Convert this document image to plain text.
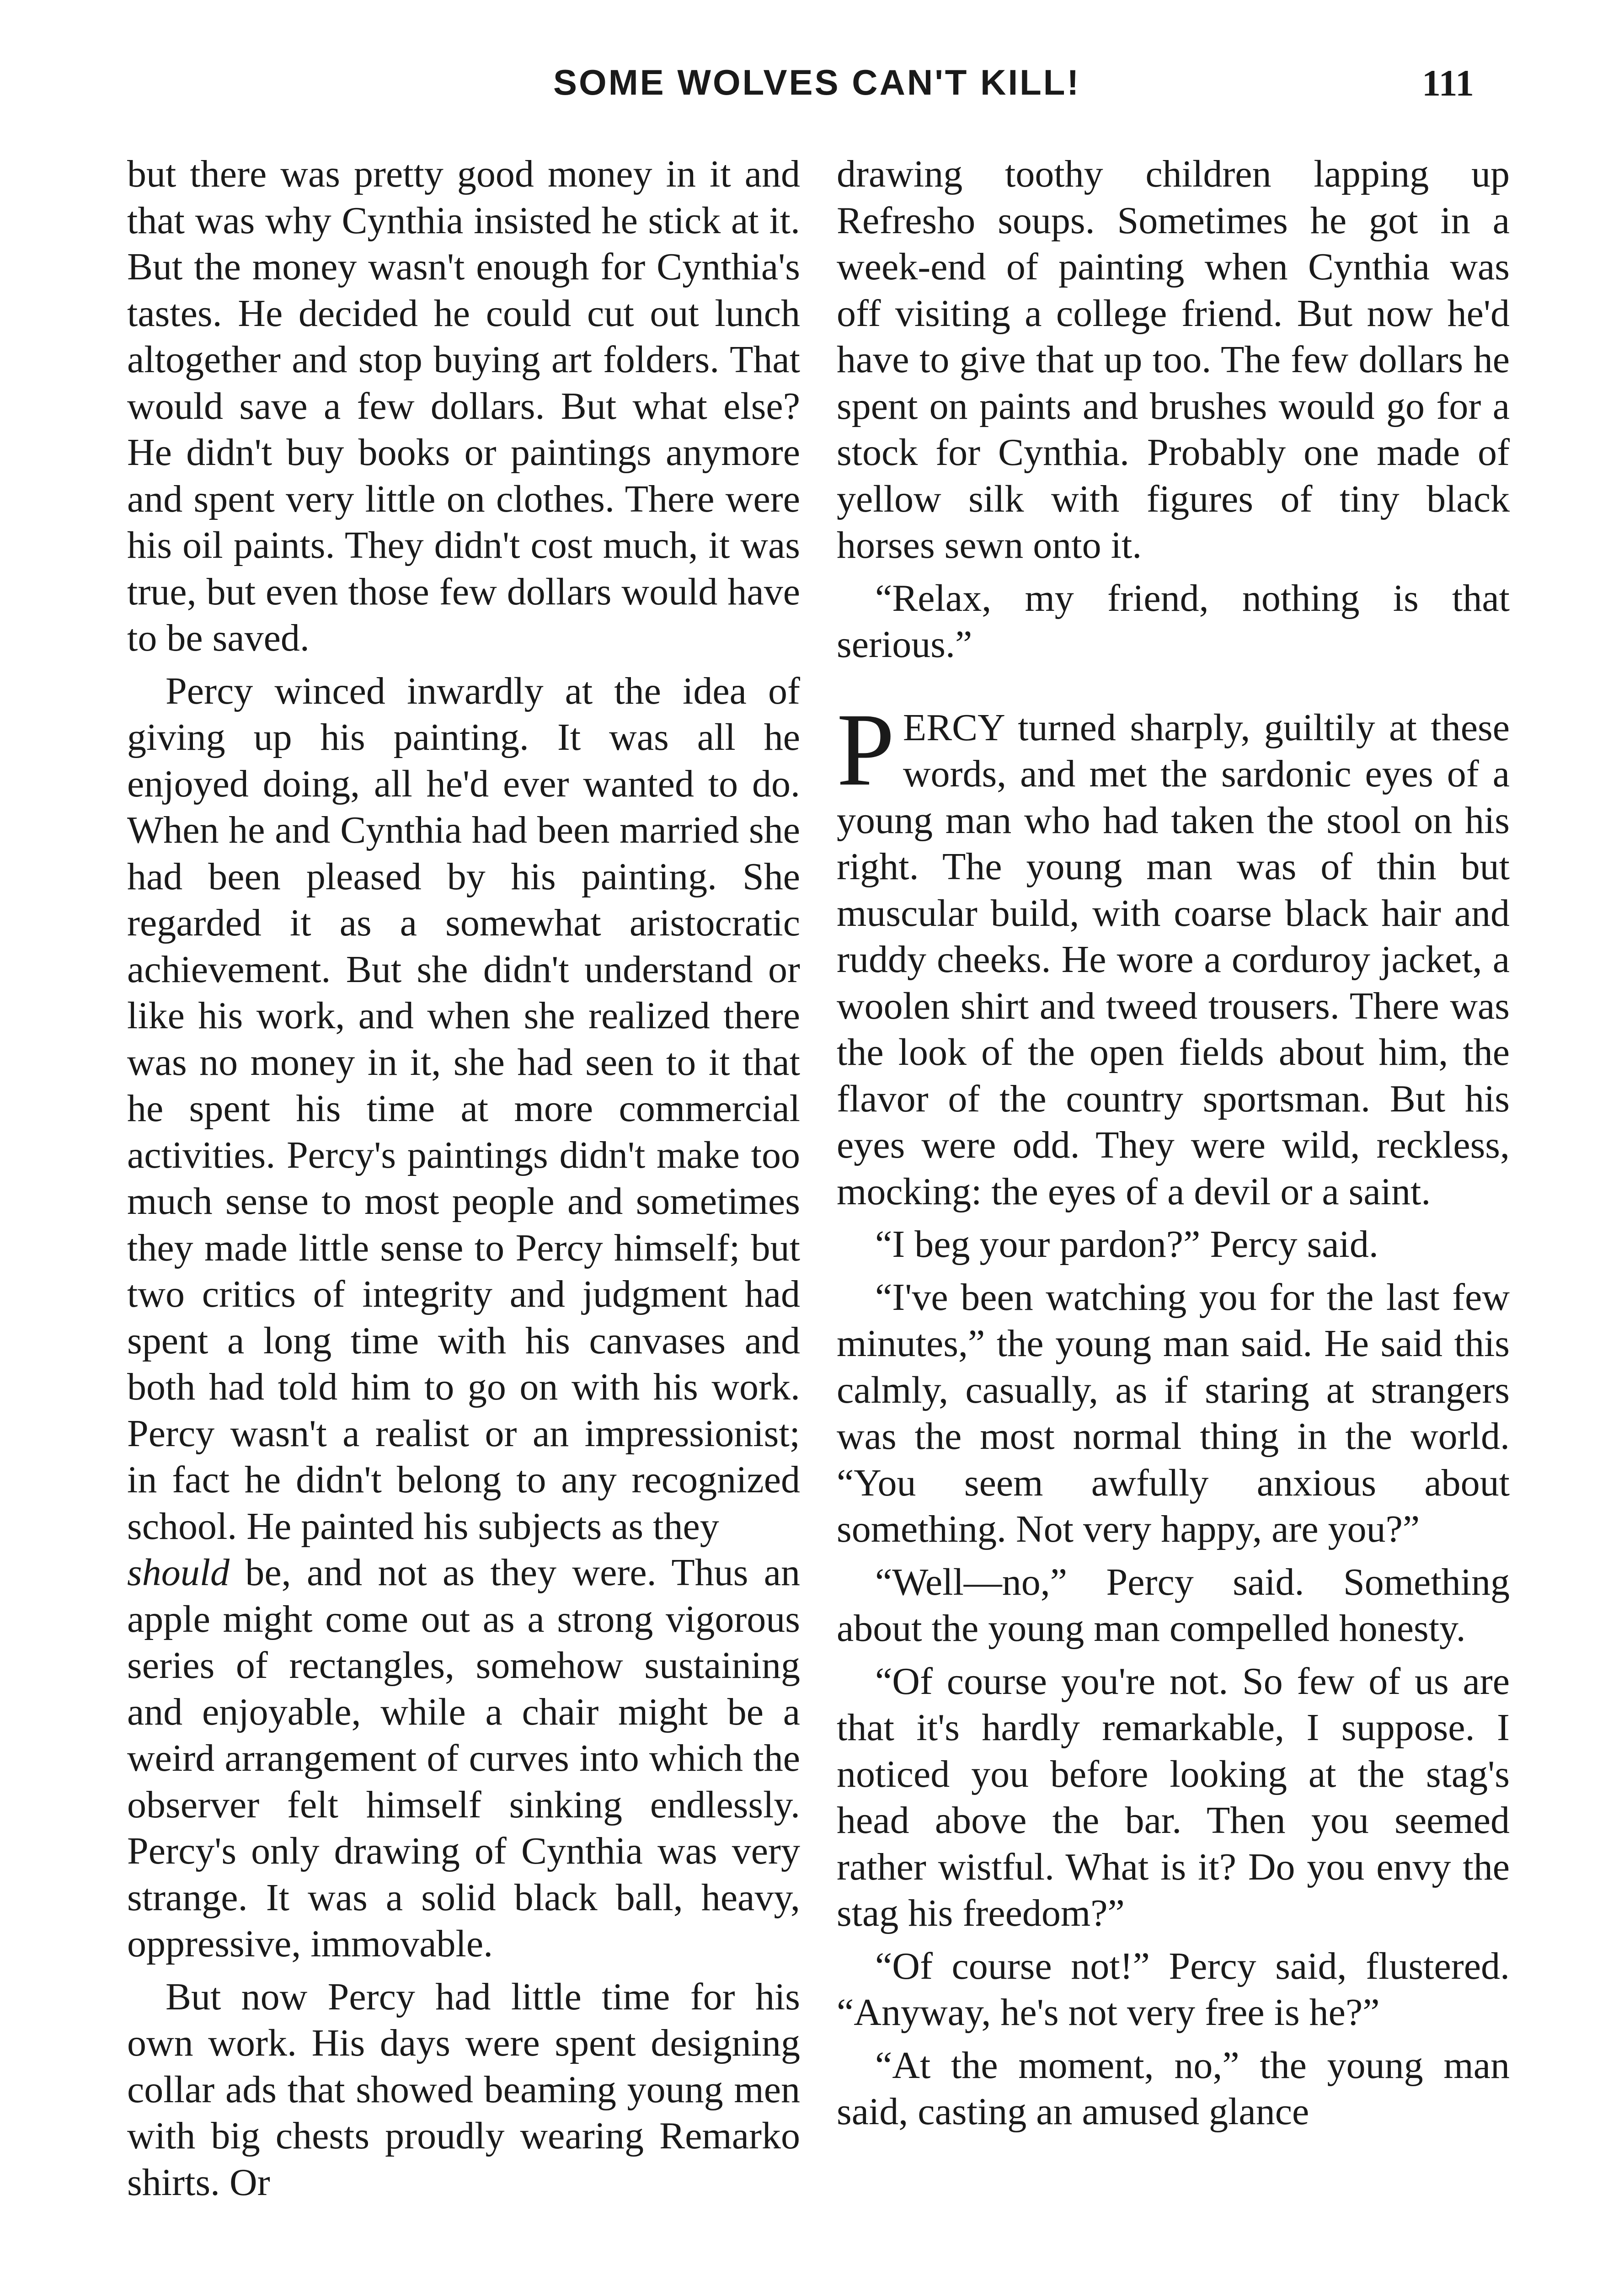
SOME WOLVES CAN'T KILL!	111

but there was pretty good money in it and that was why Cynthia insisted he stick at it. But the money wasn't enough for Cynthia's tastes. He decided he could cut out lunch altogether and stop buying art folders. That would save a few dollars. But what else? He didn't buy books or paintings anymore and spent very little on clothes. There were his oil paints. They didn't cost much, it was true, but even those few dollars would have to be saved.

Percy winced inwardly at the idea of giving up his painting. It was all he enjoyed doing, all he'd ever wanted to do. When he and Cynthia had been married she had been pleased by his painting. She regarded it as a somewhat aristocratic achievement. But she didn't understand or like his work, and when she realized there was no money in it, she had seen to it that he spent his time at more commercial activities. Percy's paintings didn't make too much sense to most people and sometimes they made little sense to Percy himself; but two critics of integrity and judgment had spent a long time with his canvases and both had told him to go on with his work. Percy wasn't a realist or an impressionist; in fact he didn't belong to any recognized school. He painted his subjects as they

should be, and not as they were. Thus an apple might come out as a strong vigorous series of rectangles, somehow sustaining and enjoyable, while a chair might be a weird arrangement of curves into which the observer felt himself sinking endlessly. Percy's only drawing of Cynthia was very strange. It was a solid black ball, heavy, oppressive, immovable.

But now Percy had little time for his own work. His days were spent designing collar ads that showed beaming young men with big chests proudly wearing Remarko shirts. Or

drawing toothy children lapping up Refresho soups. Sometimes he got in a week-end of painting when Cynthia was off visiting a college friend. But now he'd have to give that up too. The few dollars he spent on paints and brushes would go for a stock for Cynthia. Probably one made of yellow silk with figures of tiny black horses sewn onto it.

“Relax, my friend, nothing is that serious.”

PERCY turned sharply, guiltily at these words, and met the sardonic eyes of a young man who had taken the stool on his right. The young man was of thin but muscular build, with coarse black hair and ruddy cheeks. He wore a corduroy jacket, a woolen shirt and tweed trousers. There was the look of the open fields about him, the flavor of the country sportsman. But his eyes were odd. They were wild, reckless, mocking: the eyes of a devil or a saint.

“I beg your pardon?” Percy said.

“I've been watching you for the last few minutes,” the young man said. He said this calmly, casually, as if staring at strangers was the most normal thing in the world. “You seem awfully anxious about something. Not very happy, are you?”

“Well—no,” Percy said. Something about the young man compelled honesty.

“Of course you're not. So few of us are that it's hardly remarkable, I suppose. I noticed you before looking at the stag's head above the bar. Then you seemed rather wistful. What is it? Do you envy the stag his freedom?”

“Of course not!” Percy said, flustered. “Anyway, he's not very free is he?”

“At the moment, no,” the young man said, casting an amused glance
